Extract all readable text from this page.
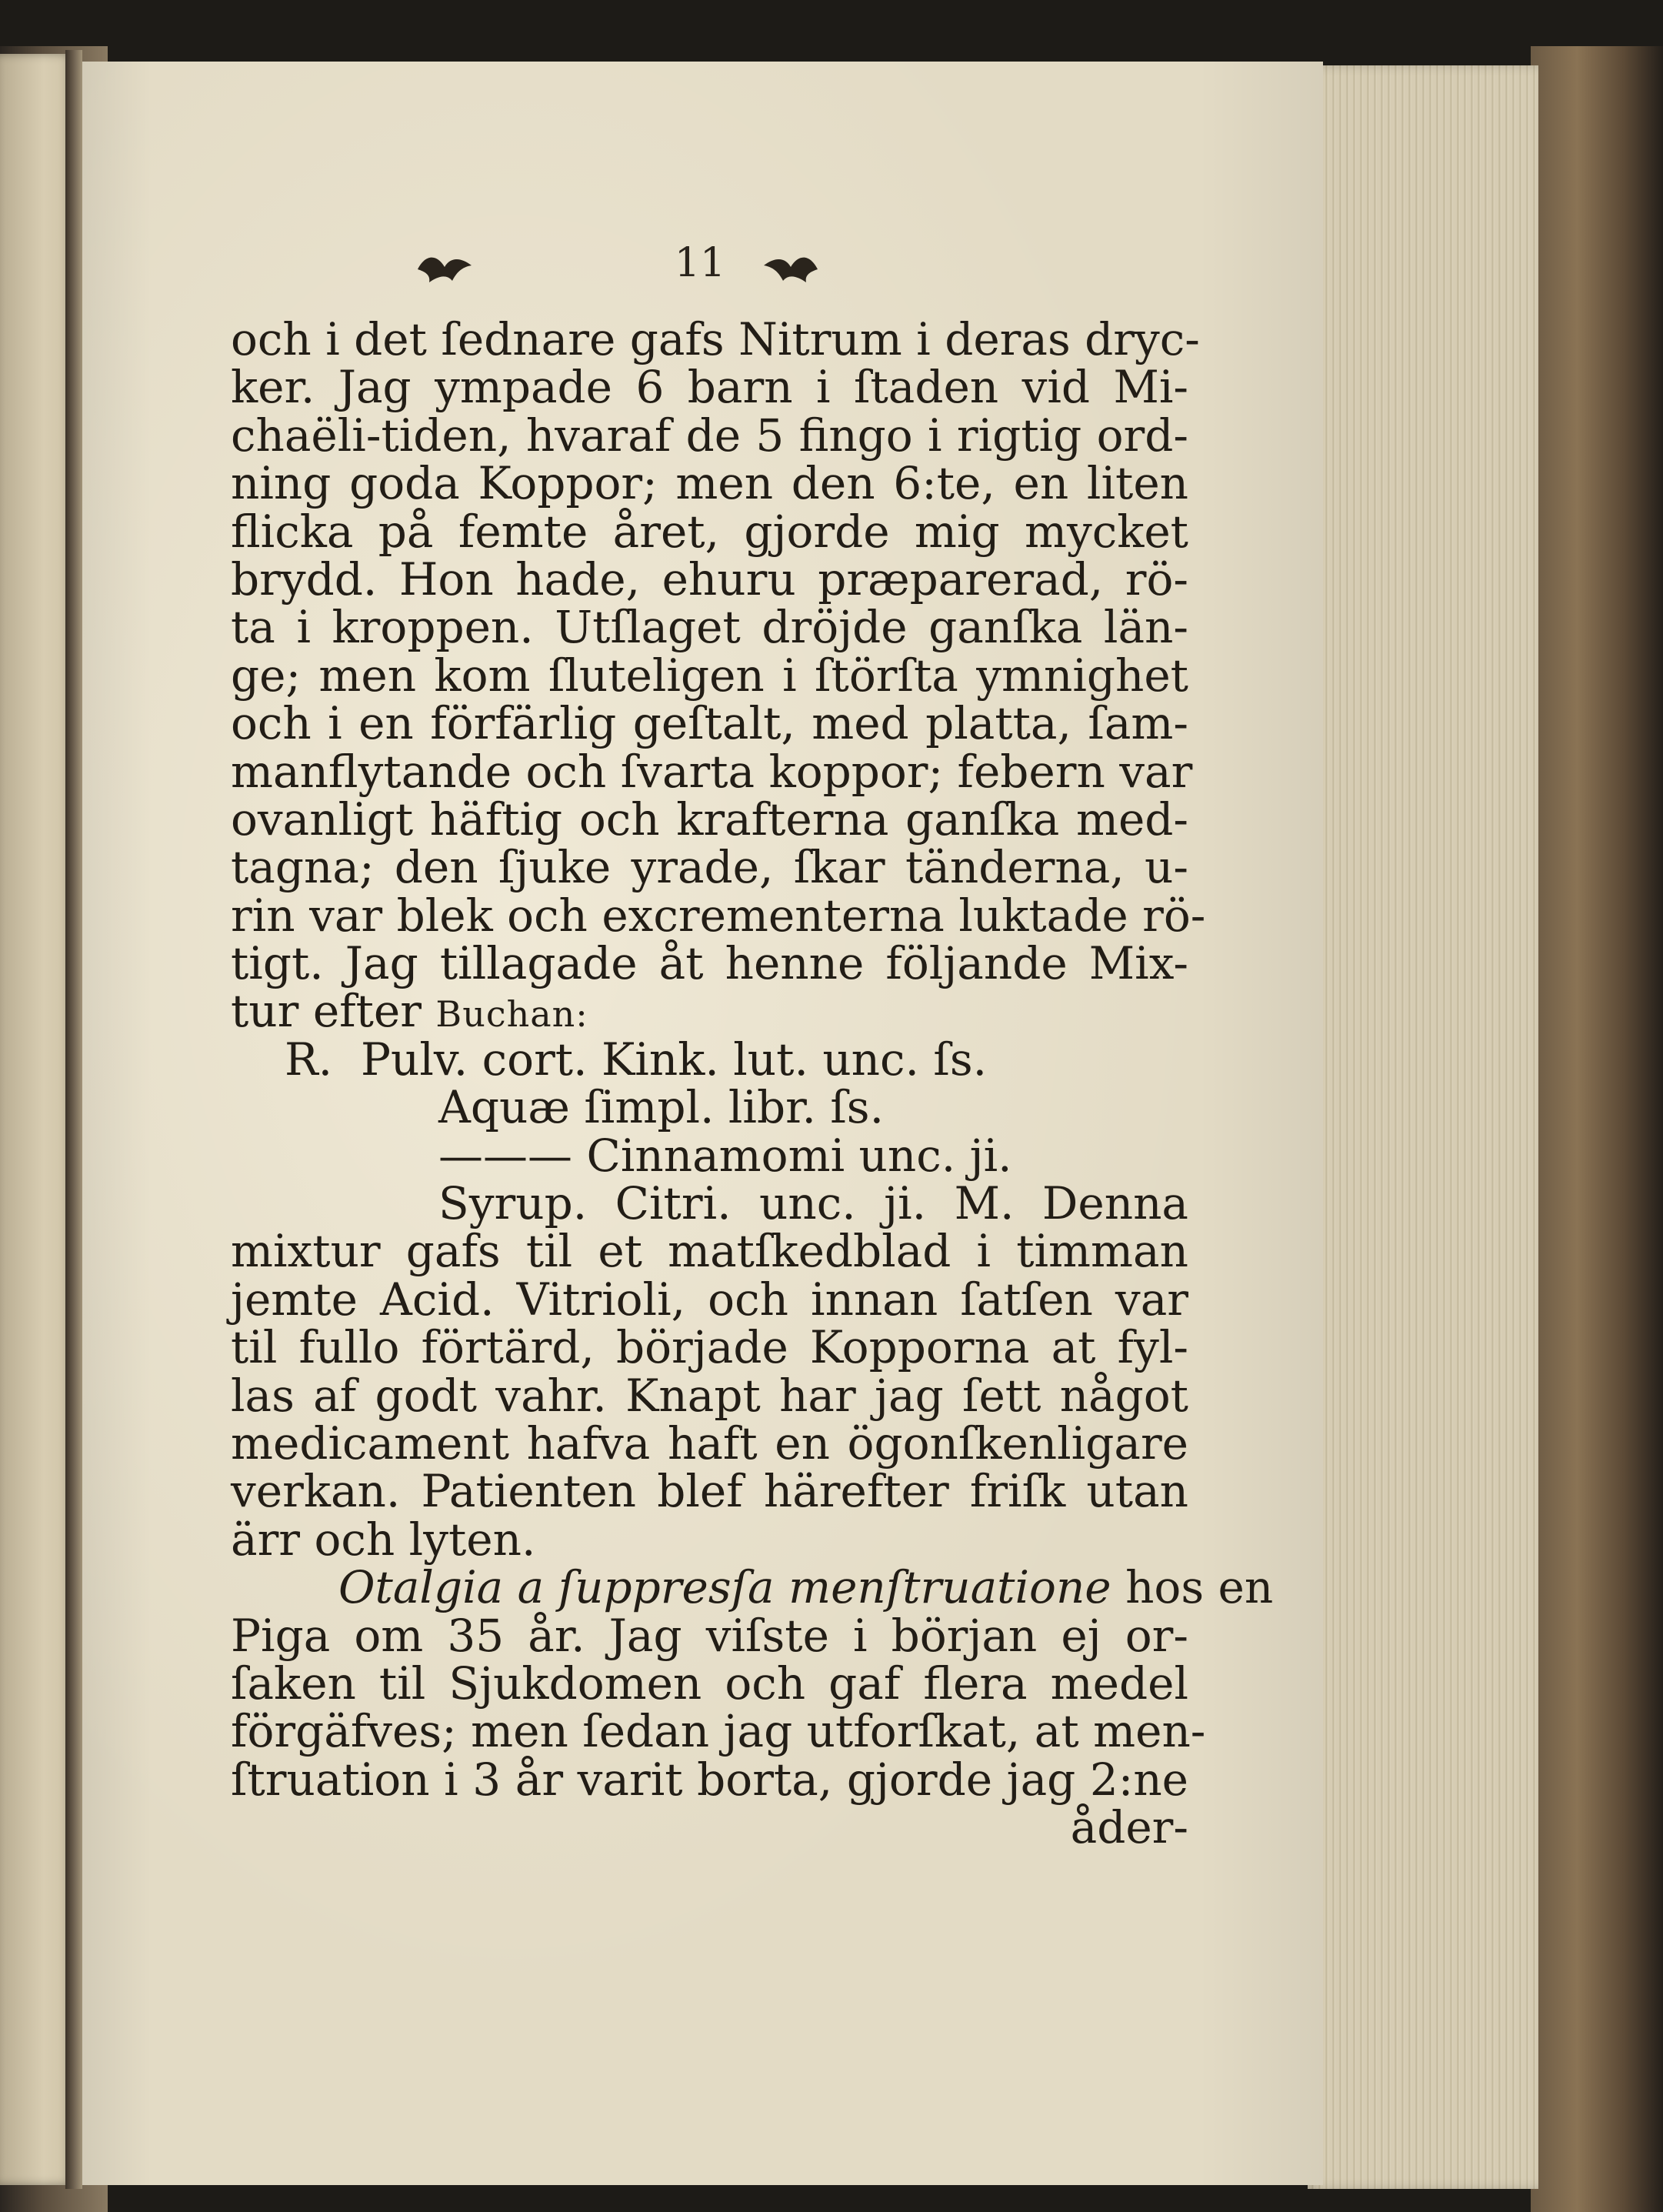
11
och i det ſednare gafs Nitrum i deras dryc-
ker. Jag ympade 6 barn i ſtaden vid Mi-
chaëli-tiden, hvaraf de 5 fingo i rigtig ord-
ning goda Koppor; men den 6:te, en liten
flicka på femte året, gjorde mig mycket
brydd. Hon hade, ehuru præparerad, rö-
ta i kroppen. Utſlaget dröjde ganſka län-
ge; men kom ſluteligen i ſtörſta ymnighet
och i en förfärlig geſtalt, med platta, ſam-
manflytande och ſvarta koppor; febern var
ovanligt häftig och krafterna ganſka med-
tagna; den ſjuke yrade, ſkar tänderna, u-
rin var blek och excrementerna luktade rö-
tigt. Jag tillagade åt henne följande Mix-
tur efter Buchan:
R. Pulv. cort. Kink. lut. unc. ſs.
Aquæ ſimpl. libr. ſs.
——— Cinnamomi unc. ji.
Syrup. Citri. unc. ji. M. Denna
mixtur gafs til et matſkedblad i timman
jemte Acid. Vitrioli, och innan ſatſen var
til fullo förtärd, började Kopporna at fyl-
las af godt vahr. Knapt har jag ſett något
medicament hafva haft en ögonſkenligare
verkan. Patienten blef härefter friſk utan
ärr och lyten.
Otalgia a ſuppresſa menſtruatione hos en
Piga om 35 år. Jag viſste i början ej or-
ſaken til Sjukdomen och gaf flera medel
förgäfves; men ſedan jag utforſkat, at men-
ſtruation i 3 år varit borta, gjorde jag 2:ne
åder-
